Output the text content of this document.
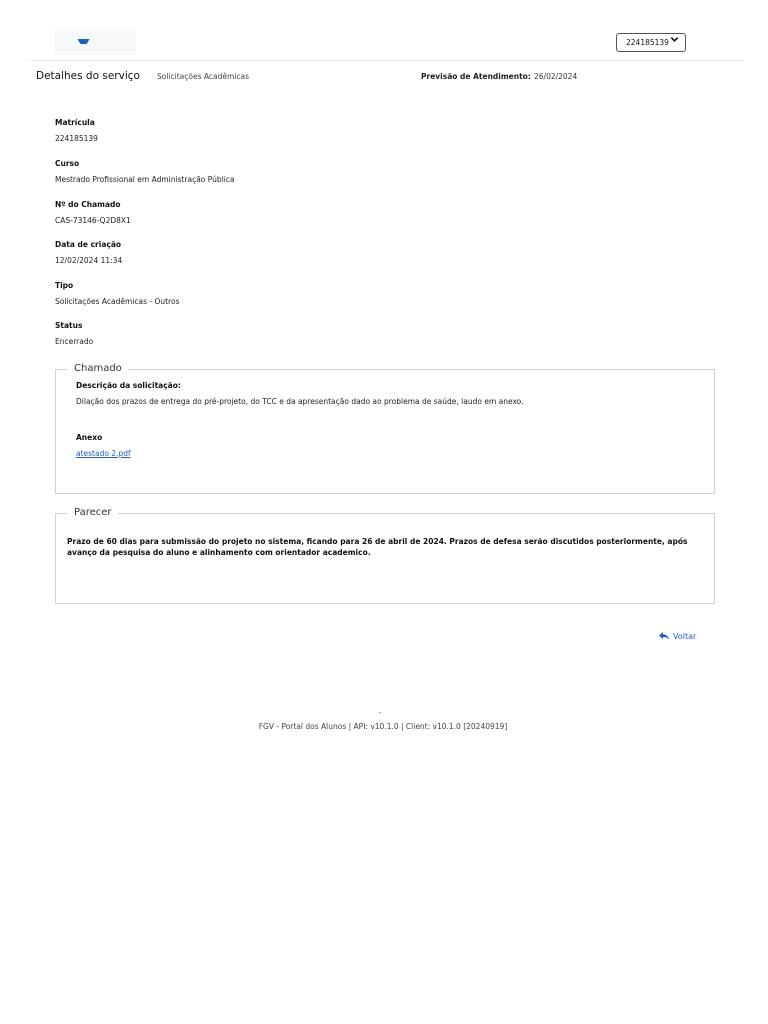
224185139
Detalhes do serviço Solicitações Acadêmicas	Previsão de Atendimento: 26/02/2024
Matrícula
224185139
Curso
Mestrado Profissional em Administração Pública
Nº do Chamado
CAS-73146-Q2D8X1
Data de criação
12/02/2024 11:34
Tipo
Solicitações Acadêmicas - Outros
Status
Encerrado
Chamado
Descrição da solicitação:
Dilação dos prazos de entrega do pré-projeto, do TCC e da apresentação dado ao problema de saúde, laudo em anexo.
Anexo
atestado 2.pdf
Parecer
Prazo de 60 dias para submissão do projeto no sistema, ficando para 26 de abril de 2024. Prazos de defesa serão discutidos posteriormente, após avanço da pesquisa do aluno e alinhamento com orientador academico.
Voltar
-
FGV - Portal dos Alunos | API: v10.1.0 | Client: v10.1.0 [20240919]
